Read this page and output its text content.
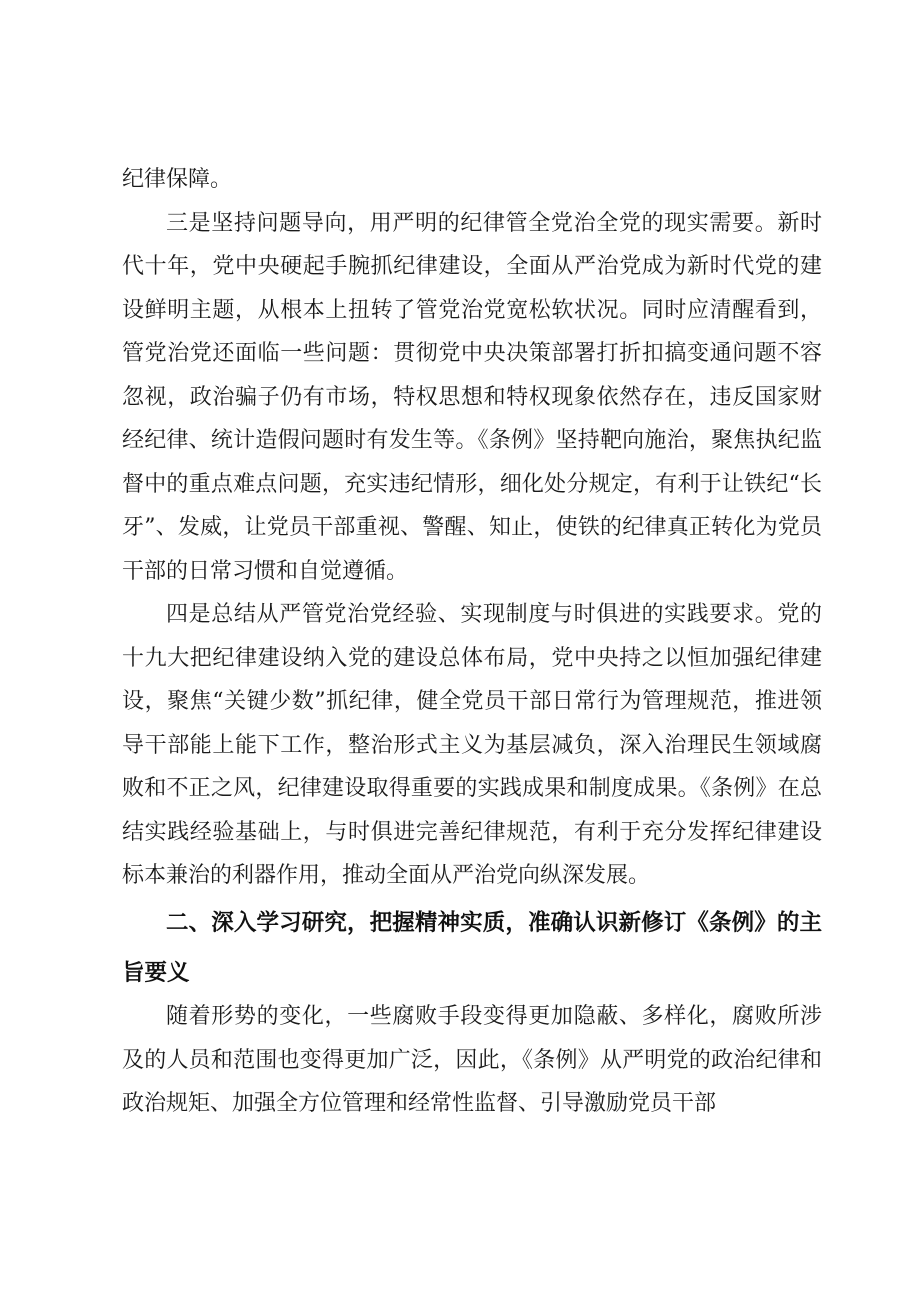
纪律保障。

三是坚持问题导向，用严明的纪律管全党治全党的现实需要。新时代十年，党中央硬起手腕抓纪律建设，全面从严治党成为新时代党的建设鲜明主题，从根本上扭转了管党治党宽松软状况。同时应清醒看到，管党治党还面临一些问题：贯彻党中央决策部署打折扣搞变通问题不容忽视，政治骗子仍有市场，特权思想和特权现象依然存在，违反国家财经纪律、统计造假问题时有发生等。《条例》坚持靶向施治，聚焦执纪监督中的重点难点问题，充实违纪情形，细化处分规定，有利于让铁纪“长牙”、发威，让党员干部重视、警醒、知止，使铁的纪律真正转化为党员干部的日常习惯和自觉遵循。

四是总结从严管党治党经验、实现制度与时俱进的实践要求。党的十九大把纪律建设纳入党的建设总体布局，党中央持之以恒加强纪律建设，聚焦“关键少数”抓纪律，健全党员干部日常行为管理规范，推进领导干部能上能下工作，整治形式主义为基层减负，深入治理民生领域腐败和不正之风，纪律建设取得重要的实践成果和制度成果。《条例》在总结实践经验基础上，与时俱进完善纪律规范，有利于充分发挥纪律建设标本兼治的利器作用，推动全面从严治党向纵深发展。

二、深入学习研究，把握精神实质，准确认识新修订《条例》的主旨要义

随着形势的变化，一些腐败手段变得更加隐蔽、多样化，腐败所涉及的人员和范围也变得更加广泛，因此，《条例》从严明党的政治纪律和政治规矩、加强全方位管理和经常性监督、引导激励党员干部
